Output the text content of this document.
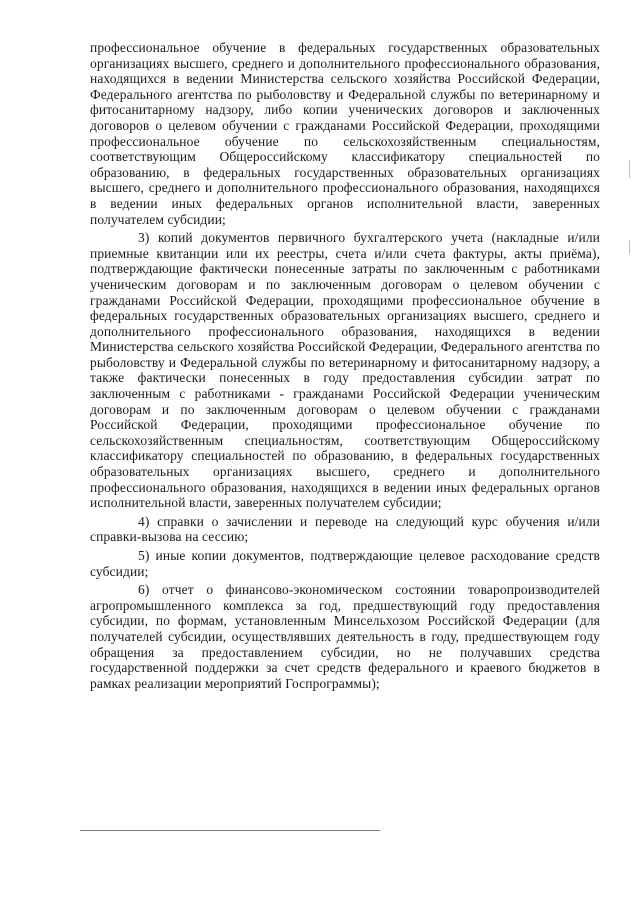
профессиональное обучение в федеральных государственных образовательных организациях высшего, среднего и дополнительного профессионального образования, находящихся в ведении Министерства сельского хозяйства Российской Федерации, Федерального агентства по рыболовству и Федеральной службы по ветеринарному и фитосанитарному надзору, либо копии ученических договоров и заключенных договоров о целевом обучении с гражданами Российской Федерации, проходящими профессиональное обучение по сельскохозяйственным специальностям, соответствующим Общероссийскому классификатору специальностей по образованию, в федеральных государственных образовательных организациях высшего, среднего и дополнительного профессионального образования, находящихся в ведении иных федеральных органов исполнительной власти, заверенных получателем субсидии;

3) копий документов первичного бухгалтерского учета (накладные и/или приемные квитанции или их реестры, счета и/или счета фактуры, акты приёма), подтверждающие фактически понесенные затраты по заключенным с работниками ученическим договорам и по заключенным договорам о целевом обучении с гражданами Российской Федерации, проходящими профессиональное обучение в федеральных государственных образовательных организациях высшего, среднего и дополнительного профессионального образования, находящихся в ведении Министерства сельского хозяйства Российской Федерации, Федерального агентства по рыболовству и Федеральной службы по ветеринарному и фитосанитарному надзору, а также фактически понесенных в году предоставления субсидии затрат по заключенным с работниками - гражданами Российской Федерации ученическим договорам и по заключенным договорам о целевом обучении с гражданами Российской Федерации, проходящими профессиональное обучение по сельскохозяйственным специальностям, соответствующим Общероссийскому классификатору специальностей по образованию, в федеральных государственных образовательных организациях высшего, среднего и дополнительного профессионального образования, находящихся в ведении иных федеральных органов исполнительной власти, заверенных получателем субсидии;

4) справки о зачислении и переводе на следующий курс обучения и/или справки-вызова на сессию;

5) иные копии документов, подтверждающие целевое расходование средств субсидии;

6) отчет о финансово-экономическом состоянии товаропроизводителей агропромышленного комплекса за год, предшествующий году предоставления субсидии, по формам, установленным Минсельхозом Российской Федерации (для получателей субсидии, осуществлявших деятельность в году, предшествующем году обращения за предоставлением субсидии, но не получавших средства государственной поддержки за счет средств федерального и краевого бюджетов в рамках реализации мероприятий Госпрограммы);
